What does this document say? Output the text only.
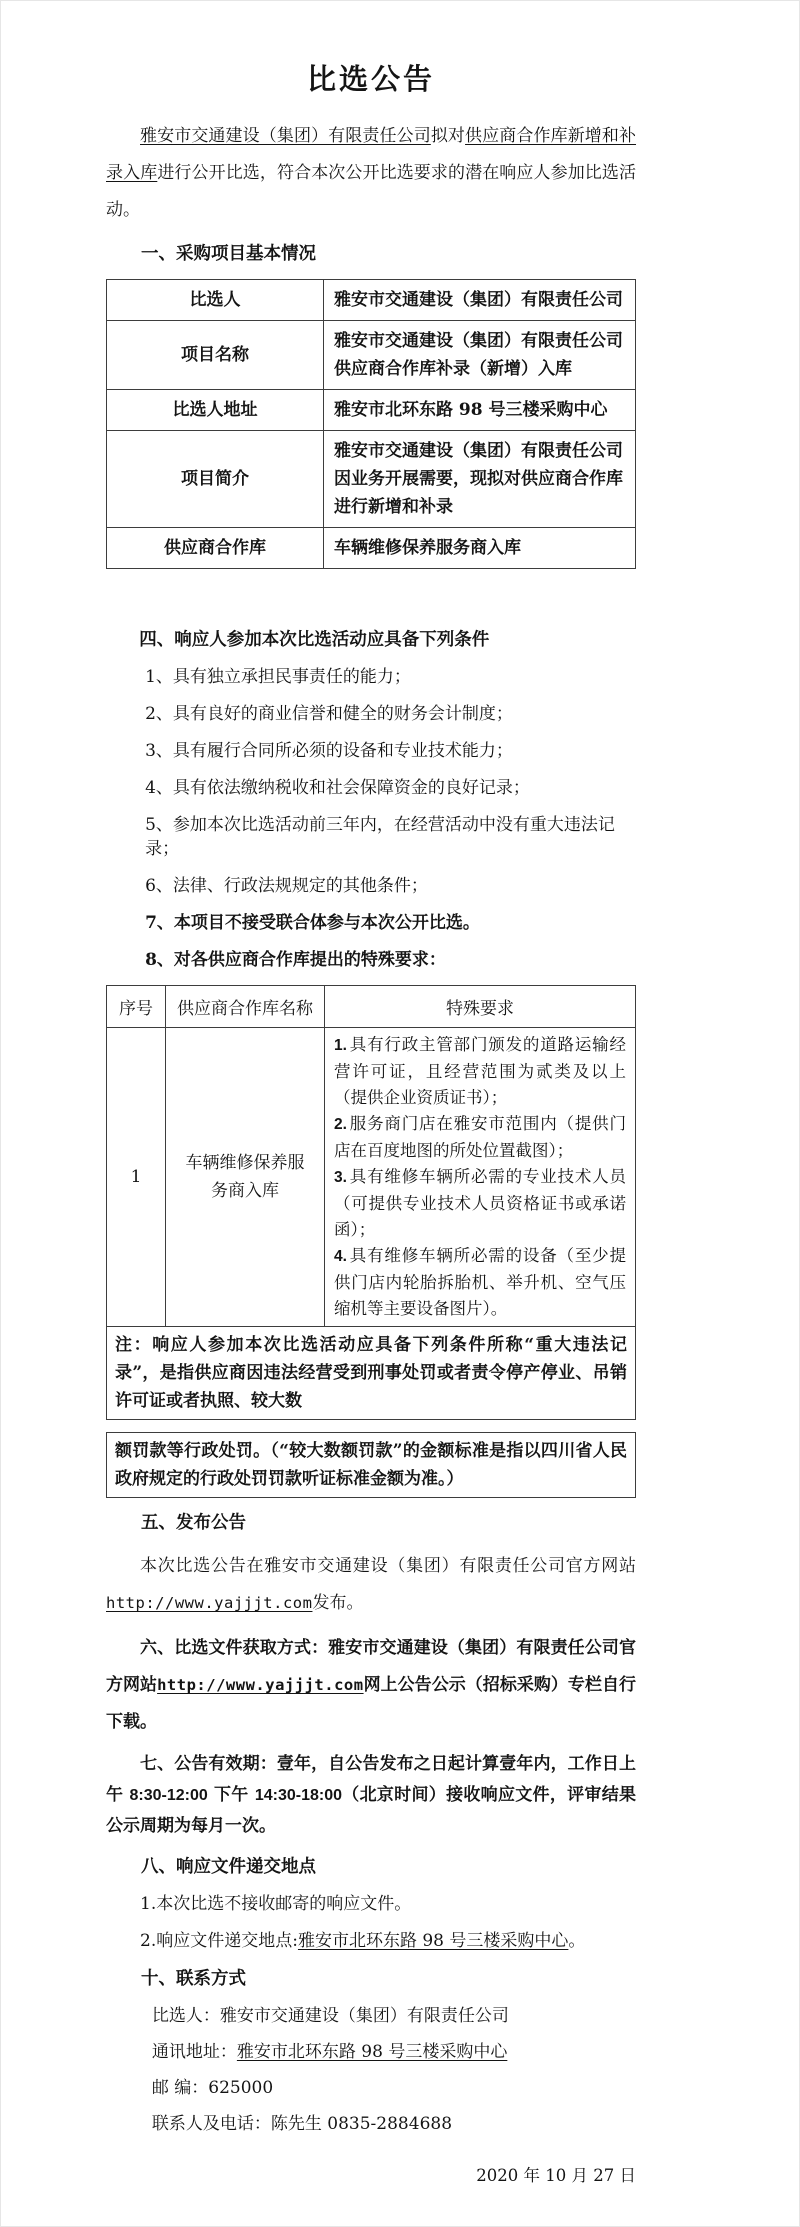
比选公告

雅安市交通建设（集团）有限责任公司拟对供应商合作库新增和补录入库进行公开比选，符合本次公开比选要求的潜在响应人参加比选活动。

一、采购项目基本情况
比选人	雅安市交通建设（集团）有限责任公司
项目名称	雅安市交通建设（集团）有限责任公司供应商合作库补录（新增）入库
比选人地址	雅安市北环东路 98 号三楼采购中心
项目简介	雅安市交通建设（集团）有限责任公司因业务开展需要，现拟对供应商合作库进行新增和补录
供应商合作库	车辆维修保养服务商入库
四、响应人参加本次比选活动应具备下列条件
1、具有独立承担民事责任的能力；
2、具有良好的商业信誉和健全的财务会计制度；
3、具有履行合同所必须的设备和专业技术能力；
4、具有依法缴纳税收和社会保障资金的良好记录；
5、参加本次比选活动前三年内，在经营活动中没有重大违法记录；
6、法律、行政法规规定的其他条件；
7、本项目不接受联合体参与本次公开比选。
8、对各供应商合作库提出的特殊要求：
序号	供应商合作库名称	特殊要求
1	车辆维修保养服务商入库	1. 具有行政主管部门颁发的道路运输经营许可证，且经营范围为贰类及以上（提供企业资质证书）；

2. 服务商门店在雅安市范围内（提供门店在百度地图的所处位置截图）；

3. 具有维修车辆所必需的专业技术人员（可提供专业技术人员资格证书或承诺函）；

4. 具有维修车辆所必需的设备（至少提供门店内轮胎拆胎机、举升机、空气压缩机等主要设备图片）。

注：响应人参加本次比选活动应具备下列条件所称“重大违法记录”，是指供应商因违法经营受到刑事处罚或者责令停产停业、吊销许可证或者执照、较大数
额罚款等行政处罚。（“较大数额罚款”的金额标准是指以四川省人民政府规定的行政处罚罚款听证标准金额为准。）
五、发布公告

本次比选公告在雅安市交通建设（集团）有限责任公司官方网站http://www.yajjjt.com发布。

六、比选文件获取方式：雅安市交通建设（集团）有限责任公司官方网站http://www.yajjjt.com网上公告公示（招标采购）专栏自行下载。

七、公告有效期：壹年，自公告发布之日起计算壹年内，工作日上午 8:30-12:00 下午 14:30-18:00（北京时间）接收响应文件，评审结果公示周期为每月一次。

八、响应文件递交地点
1.本次比选不接收邮寄的响应文件。
2.响应文件递交地点:雅安市北环东路 98 号三楼采购中心。
十、联系方式
比选人：雅安市交通建设（集团）有限责任公司
通讯地址：雅安市北环东路 98 号三楼采购中心
邮 编：625000
联系人及电话：陈先生 0835-2884688
2020 年 10 月 27 日
